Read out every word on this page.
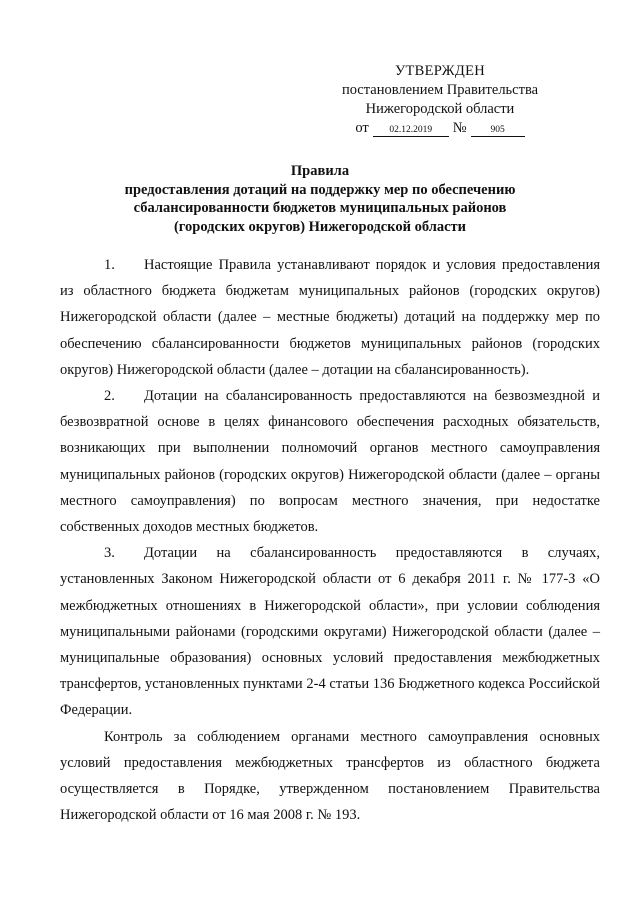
УТВЕРЖДЕН
постановлением Правительства
Нижегородской области
от	02.12.2019	№	905
Правила
предоставления дотаций на поддержку мер по обеспечению
сбалансированности бюджетов муниципальных районов
(городских округов) Нижегородской области

1. Настоящие Правила устанавливают порядок и условия предоставления из областного бюджета бюджетам муниципальных районов (городских округов) Нижегородской области (далее – местные бюджеты) дотаций на поддержку мер по обеспечению сбалансированности бюджетов муниципальных районов (городских округов) Нижегородской области (далее – дотации на сбалансированность).

2. Дотации на сбалансированность предоставляются на безвозмездной и безвозвратной основе в целях финансового обеспечения расходных обязательств, возникающих при выполнении полномочий органов местного самоуправления муниципальных районов (городских округов) Нижегородской области (далее – органы местного самоуправления) по вопросам местного значения, при недостатке собственных доходов местных бюджетов.

3. Дотации на сбалансированность предоставляются в случаях, установленных Законом Нижегородской области от 6 декабря 2011 г. № 177-З «О межбюджетных отношениях в Нижегородской области», при условии соблюдения муниципальными районами (городскими округами) Нижегородской области (далее – муниципальные образования) основных условий предоставления межбюджетных трансфертов, установленных пунктами 2-4 статьи 136 Бюджетного кодекса Российской Федерации.

Контроль за соблюдением органами местного самоуправления основных условий предоставления межбюджетных трансфертов из областного бюджета осуществляется в Порядке, утвержденном постановлением Правительства Нижегородской области от 16 мая 2008 г. № 193.
